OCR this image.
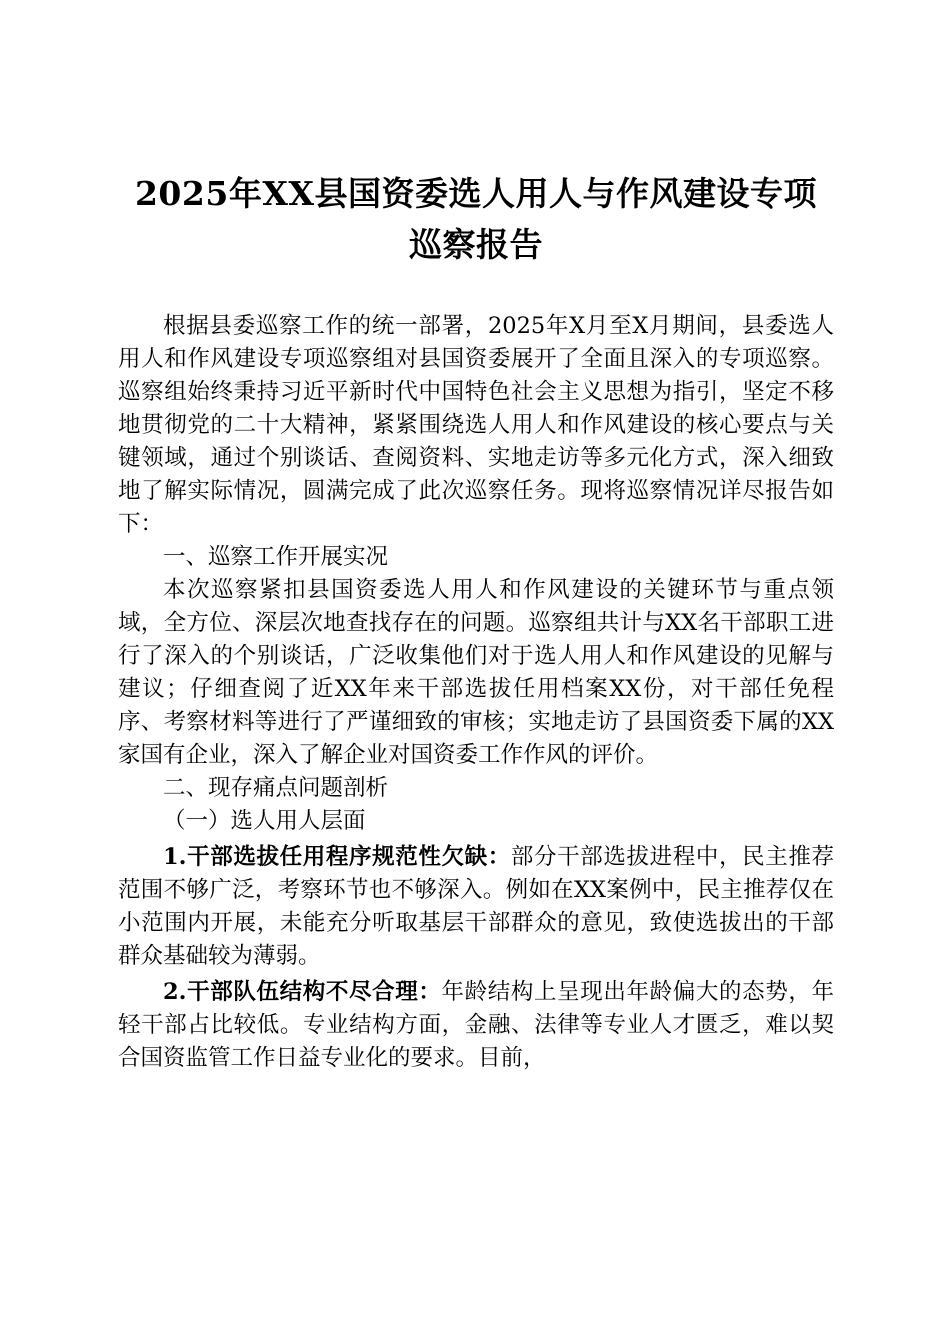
2025年XX县国资委选人用人与作风建设专项
巡察报告

根据县委巡察工作的统一部署，2025年X月至X月期间，县委选人用人和作风建设专项巡察组对县国资委展开了全面且深入的专项巡察。巡察组始终秉持习近平新时代中国特色社会主义思想为指引，坚定不移地贯彻党的二十大精神，紧紧围绕选人用人和作风建设的核心要点与关键领域，通过个别谈话、查阅资料、实地走访等多元化方式，深入细致地了解实际情况，圆满完成了此次巡察任务。现将巡察情况详尽报告如下：

一、巡察工作开展实况

本次巡察紧扣县国资委选人用人和作风建设的关键环节与重点领域，全方位、深层次地查找存在的问题。巡察组共计与XX名干部职工进行了深入的个别谈话，广泛收集他们对于选人用人和作风建设的见解与建议；仔细查阅了近XX年来干部选拔任用档案XX份，对干部任免程序、考察材料等进行了严谨细致的审核；实地走访了县国资委下属的XX家国有企业，深入了解企业对国资委工作作风的评价。

二、现存痛点问题剖析

（一）选人用人层面

1.干部选拔任用程序规范性欠缺：部分干部选拔进程中，民主推荐范围不够广泛，考察环节也不够深入。例如在XX案例中，民主推荐仅在小范围内开展，未能充分听取基层干部群众的意见，致使选拔出的干部群众基础较为薄弱。

2.干部队伍结构不尽合理：年龄结构上呈现出年龄偏大的态势，年轻干部占比较低。专业结构方面，金融、法律等专业人才匮乏，难以契合国资监管工作日益专业化的要求。目前，
